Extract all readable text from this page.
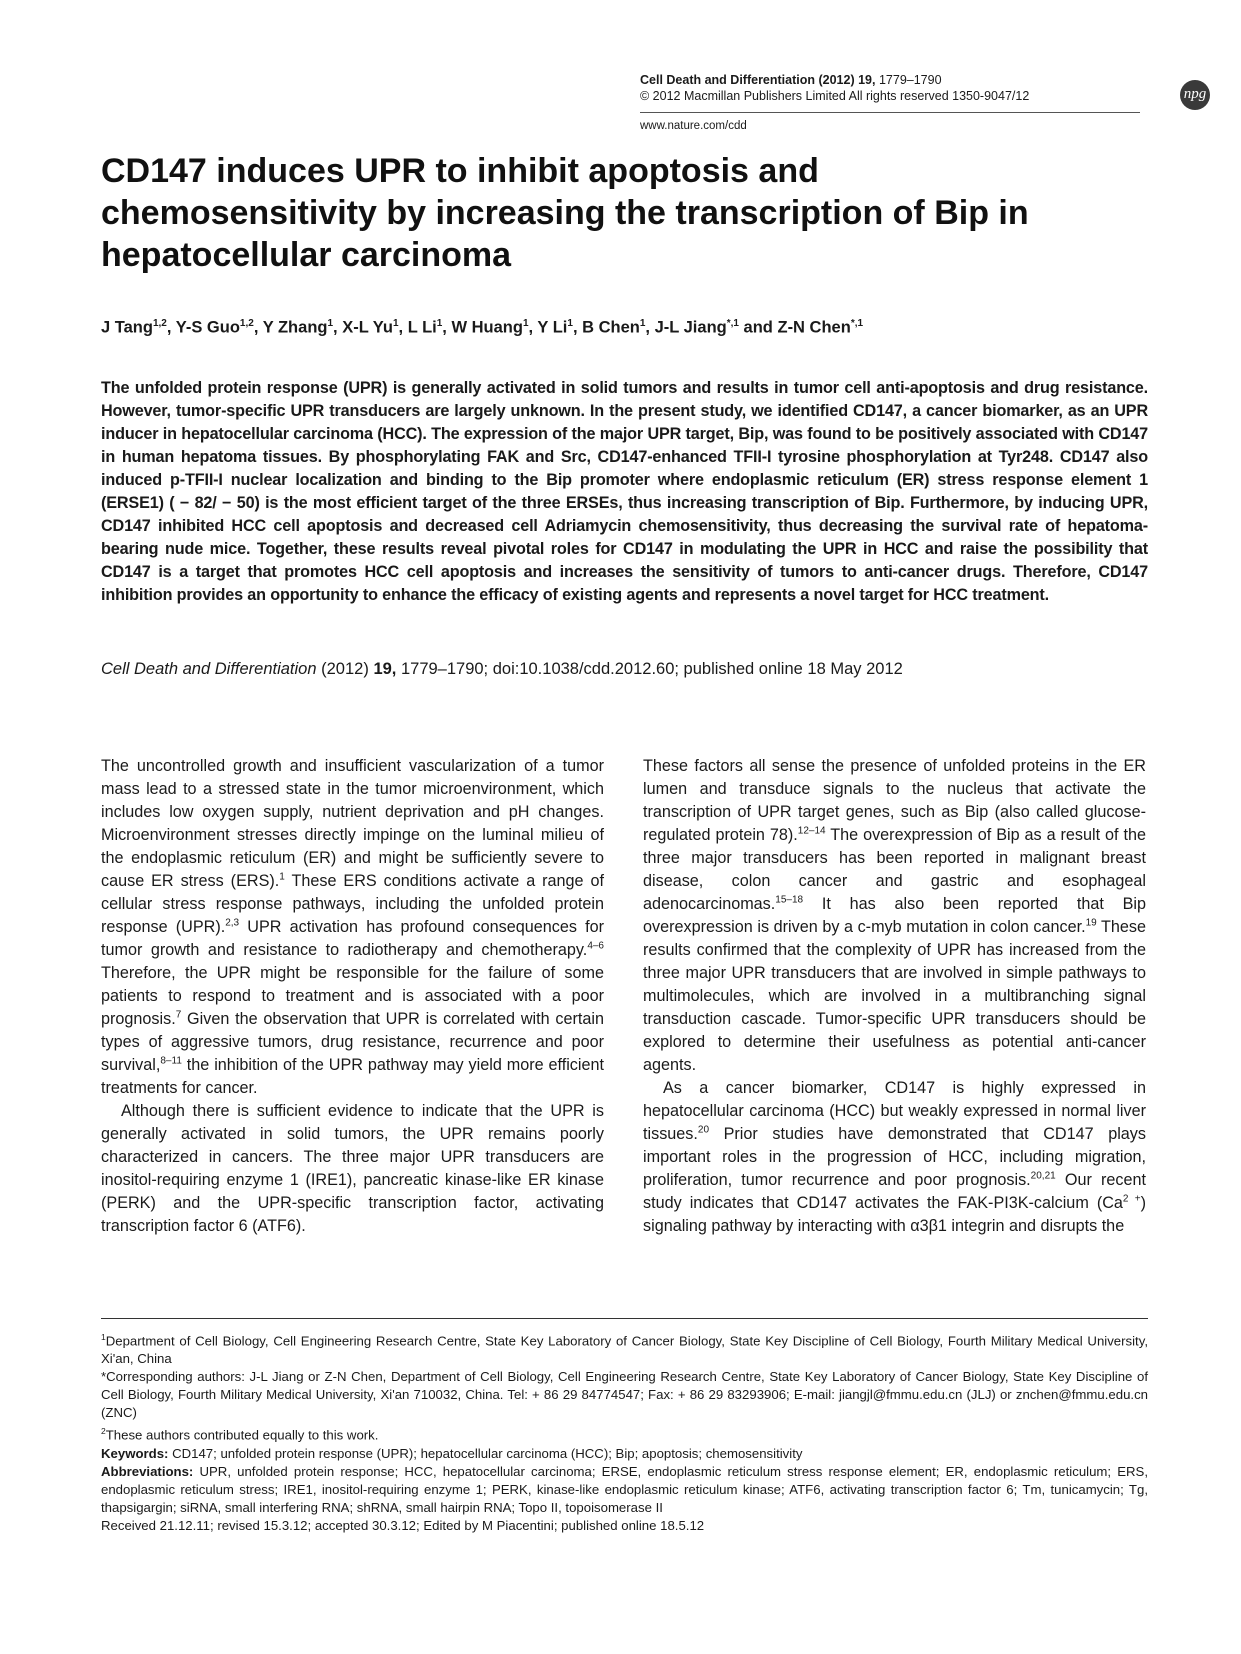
Cell Death and Differentiation (2012) 19, 1779–1790
© 2012 Macmillan Publishers Limited All rights reserved 1350-9047/12
www.nature.com/cdd
npg
CD147 induces UPR to inhibit apoptosis and chemosensitivity by increasing the transcription of Bip in hepatocellular carcinoma
J Tang$^{1,2}$, Y-S Guo$^{1,2}$, Y Zhang$^1$, X-L Yu$^1$, L Li$^1$, W Huang$^1$, Y Li$^1$, B Chen$^1$, J-L Jiang$^{*,1}$ and Z-N Chen$^{*,1}$
The unfolded protein response (UPR) is generally activated in solid tumors and results in tumor cell anti-apoptosis and drug resistance. However, tumor-specific UPR transducers are largely unknown. In the present study, we identified CD147, a cancer biomarker, as an UPR inducer in hepatocellular carcinoma (HCC). The expression of the major UPR target, Bip, was found to be positively associated with CD147 in human hepatoma tissues. By phosphorylating FAK and Src, CD147-enhanced TFII-I tyrosine phosphorylation at Tyr248. CD147 also induced p-TFII-I nuclear localization and binding to the Bip promoter where endoplasmic reticulum (ER) stress response element 1 (ERSE1) ( − 82/ − 50) is the most efficient target of the three ERSEs, thus increasing transcription of Bip. Furthermore, by inducing UPR, CD147 inhibited HCC cell apoptosis and decreased cell Adriamycin chemosensitivity, thus decreasing the survival rate of hepatoma-bearing nude mice. Together, these results reveal pivotal roles for CD147 in modulating the UPR in HCC and raise the possibility that CD147 is a target that promotes HCC cell apoptosis and increases the sensitivity of tumors to anti-cancer drugs. Therefore, CD147 inhibition provides an opportunity to enhance the efficacy of existing agents and represents a novel target for HCC treatment.
Cell Death and Differentiation (2012) 19, 1779–1790; doi:10.1038/cdd.2012.60; published online 18 May 2012

The uncontrolled growth and insufficient vascularization of a tumor mass lead to a stressed state in the tumor microenvironment, which includes low oxygen supply, nutrient deprivation and pH changes. Microenvironment stresses directly impinge on the luminal milieu of the endoplasmic reticulum (ER) and might be sufficiently severe to cause ER stress (ERS).$^1$ These ERS conditions activate a range of cellular stress response pathways, including the unfolded protein response (UPR).$^{2,3}$ UPR activation has profound consequences for tumor growth and resistance to radiotherapy and chemotherapy.$^{4-6}$ Therefore, the UPR might be responsible for the failure of some patients to respond to treatment and is associated with a poor prognosis.$^7$ Given the observation that UPR is correlated with certain types of aggressive tumors, drug resistance, recurrence and poor survival,$^{8-11}$ the inhibition of the UPR pathway may yield more efficient treatments for cancer.

Although there is sufficient evidence to indicate that the UPR is generally activated in solid tumors, the UPR remains poorly characterized in cancers. The three major UPR transducers are inositol-requiring enzyme 1 (IRE1), pancreatic kinase-like ER kinase (PERK) and the UPR-specific transcription factor, activating transcription factor 6 (ATF6).

These factors all sense the presence of unfolded proteins in the ER lumen and transduce signals to the nucleus that activate the transcription of UPR target genes, such as Bip (also called glucose-regulated protein 78).$^{12-14}$ The overexpression of Bip as a result of the three major transducers has been reported in malignant breast disease, colon cancer and gastric and esophageal adenocarcinomas.$^{15-18}$ It has also been reported that Bip overexpression is driven by a c-myb mutation in colon cancer.$^{19}$ These results confirmed that the complexity of UPR has increased from the three major UPR transducers that are involved in simple pathways to multimolecules, which are involved in a multibranching signal transduction cascade. Tumor-specific UPR transducers should be explored to determine their usefulness as potential anti-cancer agents.

As a cancer biomarker, CD147 is highly expressed in hepatocellular carcinoma (HCC) but weakly expressed in normal liver tissues.$^{20}$ Prior studies have demonstrated that CD147 plays important roles in the progression of HCC, including migration, proliferation, tumor recurrence and poor prognosis.$^{20,21}$ Our recent study indicates that CD147 activates the FAK-PI3K-calcium $(Ca^{2 +})$ signaling pathway by interacting with α3β1 integrin and disrupts the

$^1$Department of Cell Biology, Cell Engineering Research Centre, State Key Laboratory of Cancer Biology, State Key Discipline of Cell Biology, Fourth Military Medical University, Xi'an, China

*Corresponding authors: J-L Jiang or Z-N Chen, Department of Cell Biology, Cell Engineering Research Centre, State Key Laboratory of Cancer Biology, State Key Discipline of Cell Biology, Fourth Military Medical University, Xi'an 710032, China. Tel: + 86 29 84774547; Fax: + 86 29 83293906; E-mail: jiangjl@fmmu.edu.cn (JLJ) or znchen@fmmu.edu.cn (ZNC)

$^2$These authors contributed equally to this work.

Keywords: CD147; unfolded protein response (UPR); hepatocellular carcinoma (HCC); Bip; apoptosis; chemosensitivity

Abbreviations: UPR, unfolded protein response; HCC, hepatocellular carcinoma; ERSE, endoplasmic reticulum stress response element; ER, endoplasmic reticulum; ERS, endoplasmic reticulum stress; IRE1, inositol-requiring enzyme 1; PERK, kinase-like endoplasmic reticulum kinase; ATF6, activating transcription factor 6; Tm, tunicamycin; Tg, thapsigargin; siRNA, small interfering RNA; shRNA, small hairpin RNA; Topo II, topoisomerase II

Received 21.12.11; revised 15.3.12; accepted 30.3.12; Edited by M Piacentini; published online 18.5.12
